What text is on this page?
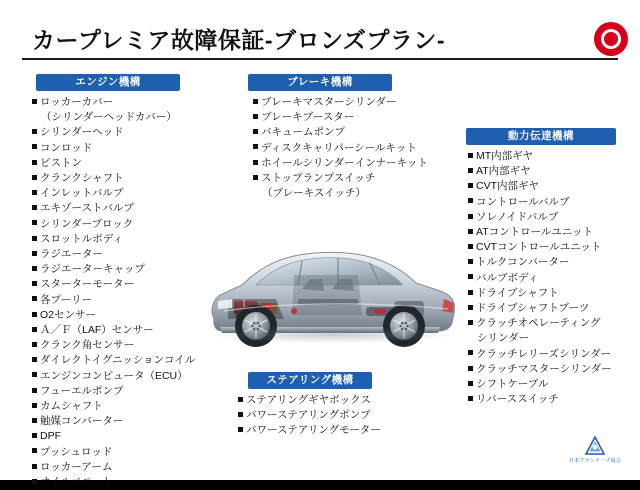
カープレミア故障保証-ブロンズプラン-
エンジン機構
ロッカーカバー
（シリンダーヘッドカバー）
シリンダーヘッド
コンロッド
ピストン
クランクシャフト
インレットバルブ
エキゾーストバルブ
シリンダーブロック
スロットルボディ
ラジエーター
ラジエーターキャップ
スターターモーター
各プーリー
O2センサー
Ａ／Ｆ（LAF）センサー
クランク角センサー
ダイレクトイグニッションコイル
エンジンコンピュータ（ECU）
フューエルポンプ
カムシャフト
触媒コンバーター
DPF
プッシュロッド
ロッカーアーム
オイルパペット
ブレーキ機構
ブレーキマスターシリンダー
ブレーキブースター
バキュームポンプ
ディスクキャリパーシールキット
ホイールシリンダーインナーキット
ストップランプスイッチ
（ブレーキスイッチ）
動力伝達機構
MT内部ギヤ
AT内部ギヤ
CVT内部ギヤ
コントロールバルブ
ソレノイドバルブ
ATコントロールユニット
CVTコントロールユニット
トルクコンバーター
バルブボディ
ドライブシャフト
ドライブシャフトブーツ
クラッチオペレーティング
シリンダー
クラッチレリーズシリンダー
クラッチマスターシリンダー
シフトケーブル
リバーススイッチ
ステアリング機構
ステアリングギヤボックス
パワーステアリングポンプ
パワーステアリングモーター
日本フランチ一ズ協会
